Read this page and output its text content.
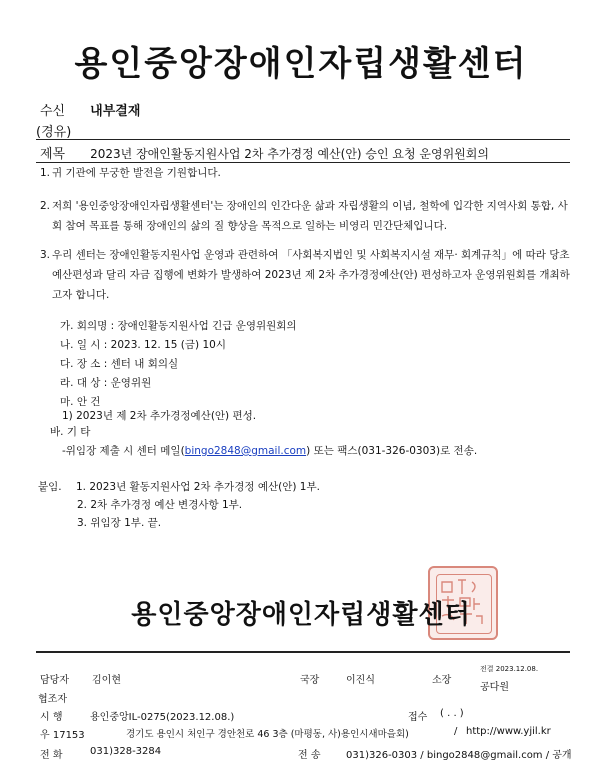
용인중앙장애인자립생활센터
수신 내부결재
(경유)
제목 2023년 장애인활동지원사업 2차 추가경정 예산(안) 승인 요청 운영위원회의
1. 귀 기관에 무궁한 발전을 기원합니다.
2. 저희 '용인중앙장애인자립생활센터'는 장애인의 인간다운 삶과 자립생활의 이념, 철학에 입각한 지역사회 통합, 사회 참여 목표를 통해 장애인의 삶의 질 향상을 목적으로 일하는 비영리 민간단체입니다.
3. 우리 센터는 장애인활동지원사업 운영과 관련하여 「사회복지법인 및 사회복지시설 재무· 회계규칙」에 따라 당초 예산편성과 달리 자금 집행에 변화가 발생하여 2023년 제 2차 추가경정예산(안) 편성하고자 운영위원회를 개최하고자 합니다.
가. 회의명 : 장애인활동지원사업 긴급 운영위원회의
나. 일 시 : 2023. 12. 15 (금) 10시
다. 장 소 : 센터 내 회의실
라. 대 상 : 운영위원
마. 안 건
1) 2023년 제 2차 추가경정예산(안) 편성.
바. 기 타
-위임장 제출 시 센터 메일(bingo2848@gmail.com) 또는 팩스(031-326-0303)로 전송.
붙임. 1. 2023년 활동지원사업 2차 추가경정 예산(안) 1부.
2. 2차 추가경정 예산 변경사항 1부.
3. 위임장 1부. 끝.
용인중앙장애인자립생활센터
담당자 김이현	국장	이진식	소장
전결 2023.12.08.
공다원
협조자
시 행	용인중앙IL-0275(2023.12.08.)	접수 ( . . )
우 17153	경기도 용인시 처인구 경안천로 46 3층 (마평동, 사)용인시새마을회)	/ http://www.yjil.kr
전 화	031)328-3284	전 송	031)326-0303 / bingo2848@gmail.com / 공개
